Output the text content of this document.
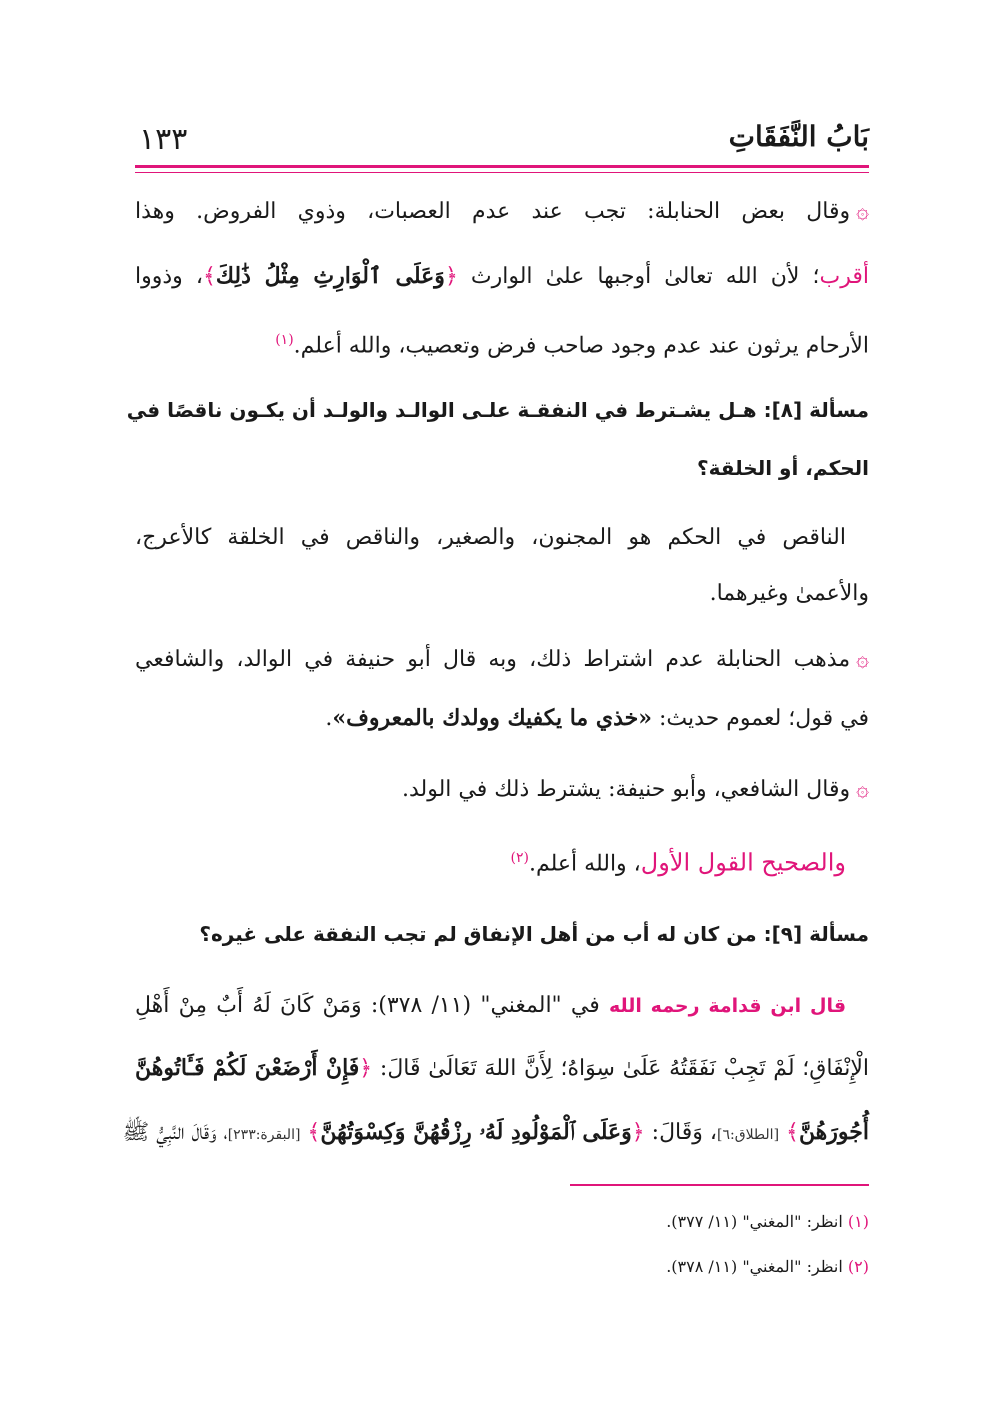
١٣٣	بَابُ النَّفَقَاتِ
۞وقال بعض الحنابلة: تجب عند عدم العصبات، وذوي الفروض. وهذا
أقرب؛ لأن الله تعالىٰ أوجبها علىٰ الوارث ﴿وَعَلَى ٱلْوَارِثِ مِثْلُ ذَٰلِكَ﴾، وذووا
الأرحام يرثون عند عدم وجود صاحب فرض وتعصيب، والله أعلم.$^{(١)}$
مسألة [٨]: هـل يشـترط في النفقـة علـى الوالـد والولـد أن يكـون ناقصًا في
الحكم، أو الخلقة؟
الناقص في الحكم هو المجنون، والصغير، والناقص في الخلقة كالأعرج،
والأعمىٰ وغيرهما.
۞مذهب الحنابلة عدم اشتراط ذلك، وبه قال أبو حنيفة في الوالد، والشافعي
في قول؛ لعموم حديث: «خذي ما يكفيك وولدك بالمعروف».
۞وقال الشافعي، وأبو حنيفة: يشترط ذلك في الولد.
والصحيح القول الأول، والله أعلم.$^{(٢)}$
مسألة [٩]: من كان له أب من أهل الإنفاق لم تجب النفقة على غيره؟
قال ابن قدامة رحمه الله في "المغني" (١١/ ٣٧٨): وَمَنْ كَانَ لَهُ أَبٌ مِنْ أَهْلِ
الْإِنْفَاقِ؛ لَمْ تَجِبْ نَفَقَتُهُ عَلَىٰ سِوَاهُ؛ لِأَنَّ اللهَ تَعَالَىٰ قَالَ: ﴿فَإِنْ أَرْضَعْنَ لَكُمْ فَـَٔاتُوهُنَّ
أُجُورَهُنَّ﴾ [الطلاق:٦]، وَقَالَ: ﴿وَعَلَى ٱلْمَوْلُودِ لَهُۥ رِزْقُهُنَّ وَكِسْوَتُهُنَّ﴾ [البقرة:٢٣٣]، وَقَالَ النَّبِيُّ ﷺ
(١) انظر: "المغني" (١١/ ٣٧٧).
(٢) انظر: "المغني" (١١/ ٣٧٨).
